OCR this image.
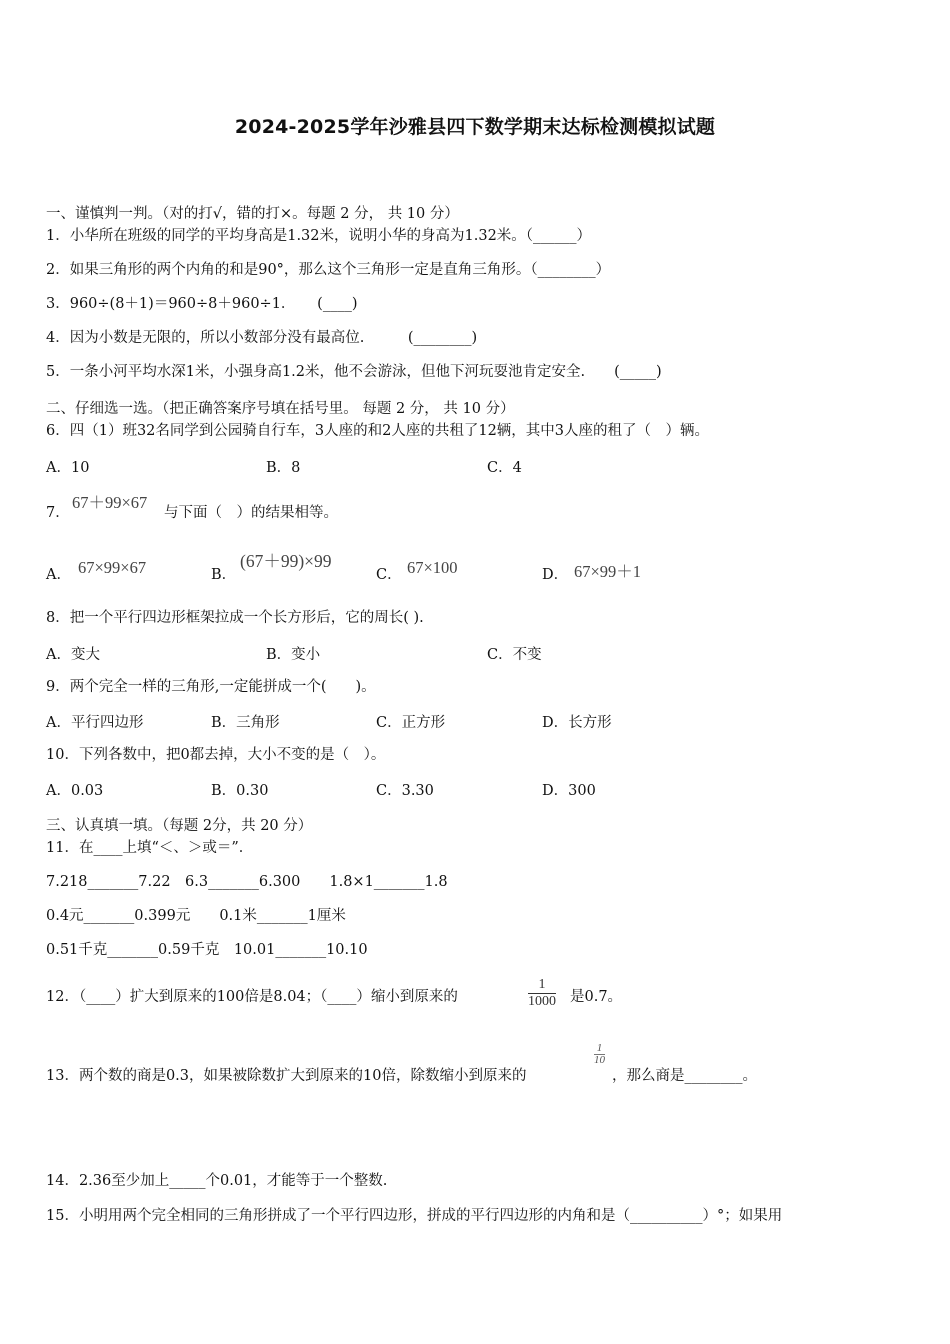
2024-2025学年沙雅县四下数学期末达标检测模拟试题
一、谨慎判一判。（对的打√，错的打×。每题 2 分， 共 10 分）
1．小华所在班级的同学的平均身高是1.32米，说明小华的身高为1.32米。（______）
2．如果三角形的两个内角的和是90°，那么这个三角形一定是直角三角形。（________）
3．960÷(8＋1)＝960÷8＋960÷1．　　(____)
4．因为小数是无限的，所以小数部分没有最高位.　　　(________)
5．一条小河平均水深1米，小强身高1.2米，他不会游泳，但他下河玩耍池肯定安全.　　(_____)
二、仔细选一选。（把正确答案序号填在括号里。 每题 2 分， 共 10 分）
6．四（1）班32名同学到公园骑自行车，3人座的和2人座的共租了12辆，其中3人座的租了（　）辆。
A．10	B．8	C．4
7．
67＋99×67
与下面（　）的结果相等。
A． 67×99×67	B．
(67＋99)×99
C． 67×100	D． 67×99＋1
8．把一个平行四边形框架拉成一个长方形后，它的周长( ).
A．变大	B．变小	C．不变
9．两个完全一样的三角形,一定能拼成一个(　　)。
A．平行四边形	B．三角形	C．正方形	D．长方形
10．下列各数中，把0都去掉，大小不变的是（　）。
A．0.03	B．0.30	C．3.30	D．300
三、认真填一填。（每题 2分，共 20 分）
11．在____上填“＜、＞或＝”．
7.218_______7.22　6.3_______6.300　　1.8×1_______1.8
0.4元_______0.399元　　0.1米_______1厘米
0.51千克_______0.59千克　10.01_______10.10
12．（____）扩大到原来的100倍是8.04；（____）缩小到原来的	$\frac{1}{1000}$ 是0.7。
13．两个数的商是0.3，如果被除数扩大到原来的10倍，除数缩小到原来的
$\frac{1}{10}$
，那么商是________。
14．2.36至少加上_____个0.01，才能等于一个整数.
15．小明用两个完全相同的三角形拼成了一个平行四边形，拼成的平行四边形的内角和是（__________）°；如果用
